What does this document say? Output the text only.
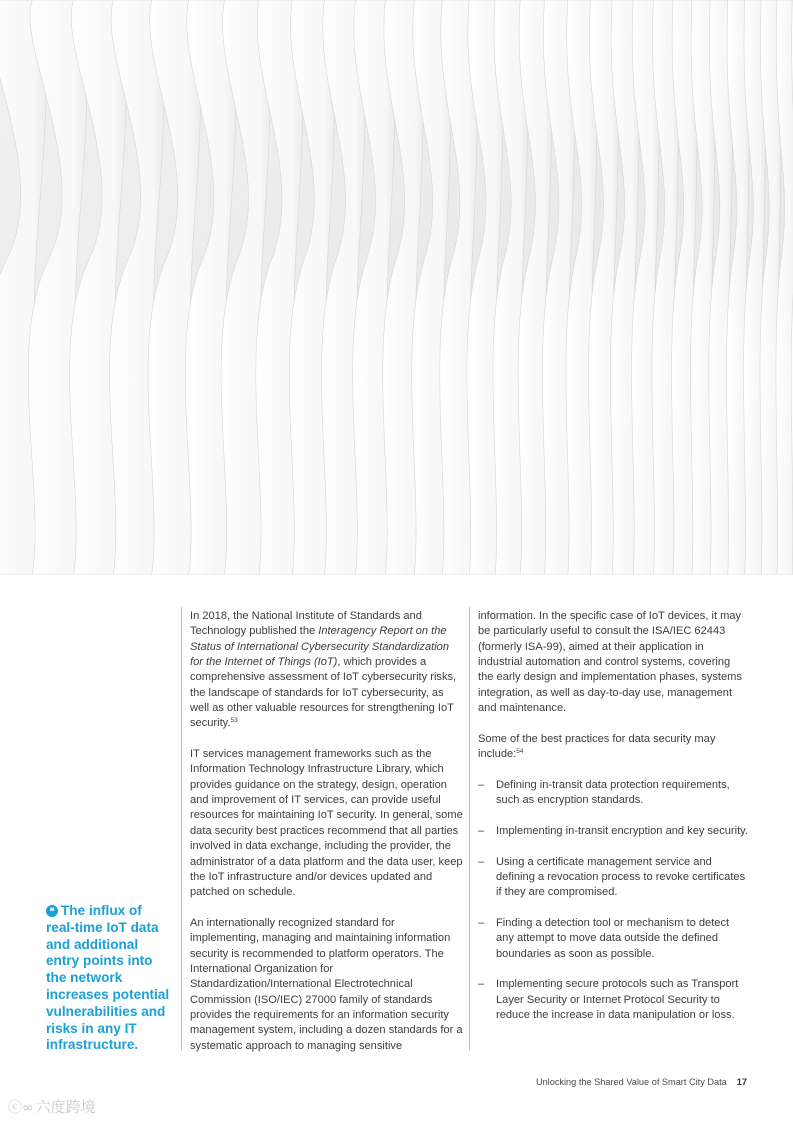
❝ The influx of real-time IoT data and additional entry points into the network increases potential vulnerabilities and risks in any IT infrastructure.

In 2018, the National Institute of Standards and Technology published the Interagency Report on the Status of International Cybersecurity Standardization for the Internet of Things (IoT), which provides a comprehensive assessment of IoT cybersecurity risks, the landscape of standards for IoT cybersecurity, as well as other valuable resources for strengthening IoT security.$^{53}$

IT services management frameworks such as the Information Technology Infrastructure Library, which provides guidance on the strategy, design, operation and improvement of IT services, can provide useful resources for maintaining IoT security. In general, some data security best practices recommend that all parties involved in data exchange, including the provider, the administrator of a data platform and the data user, keep the IoT infrastructure and/or devices updated and patched on schedule.

An internationally recognized standard for implementing, managing and maintaining information security is recommended to platform operators. The International Organization for Standardization/International Electrotechnical Commission (ISO/IEC) 27000 family of standards provides the requirements for an information security management system, including a dozen standards for a systematic approach to managing sensitive

information. In the specific case of IoT devices, it may be particularly useful to consult the ISA/IEC 62443 (formerly ISA-99), aimed at their application in industrial automation and control systems, covering the early design and implementation phases, systems integration, as well as day-to-day use, management and maintenance.

Some of the best practices for data security may include:$^{54}$

– Defining in-transit data protection requirements, such as encryption standards.
– Implementing in-transit encryption and key security.
– Using a certificate management service and defining a revocation process to revoke certificates if they are compromised.
– Finding a detection tool or mechanism to detect any attempt to move data outside the defined boundaries as soon as possible.
– Implementing secure protocols such as Transport Layer Security or Internet Protocol Security to reduce the increase in data manipulation or loss.
Unlocking the Shared Value of Smart City Data 17
ⓒ∞ 六度跨境
